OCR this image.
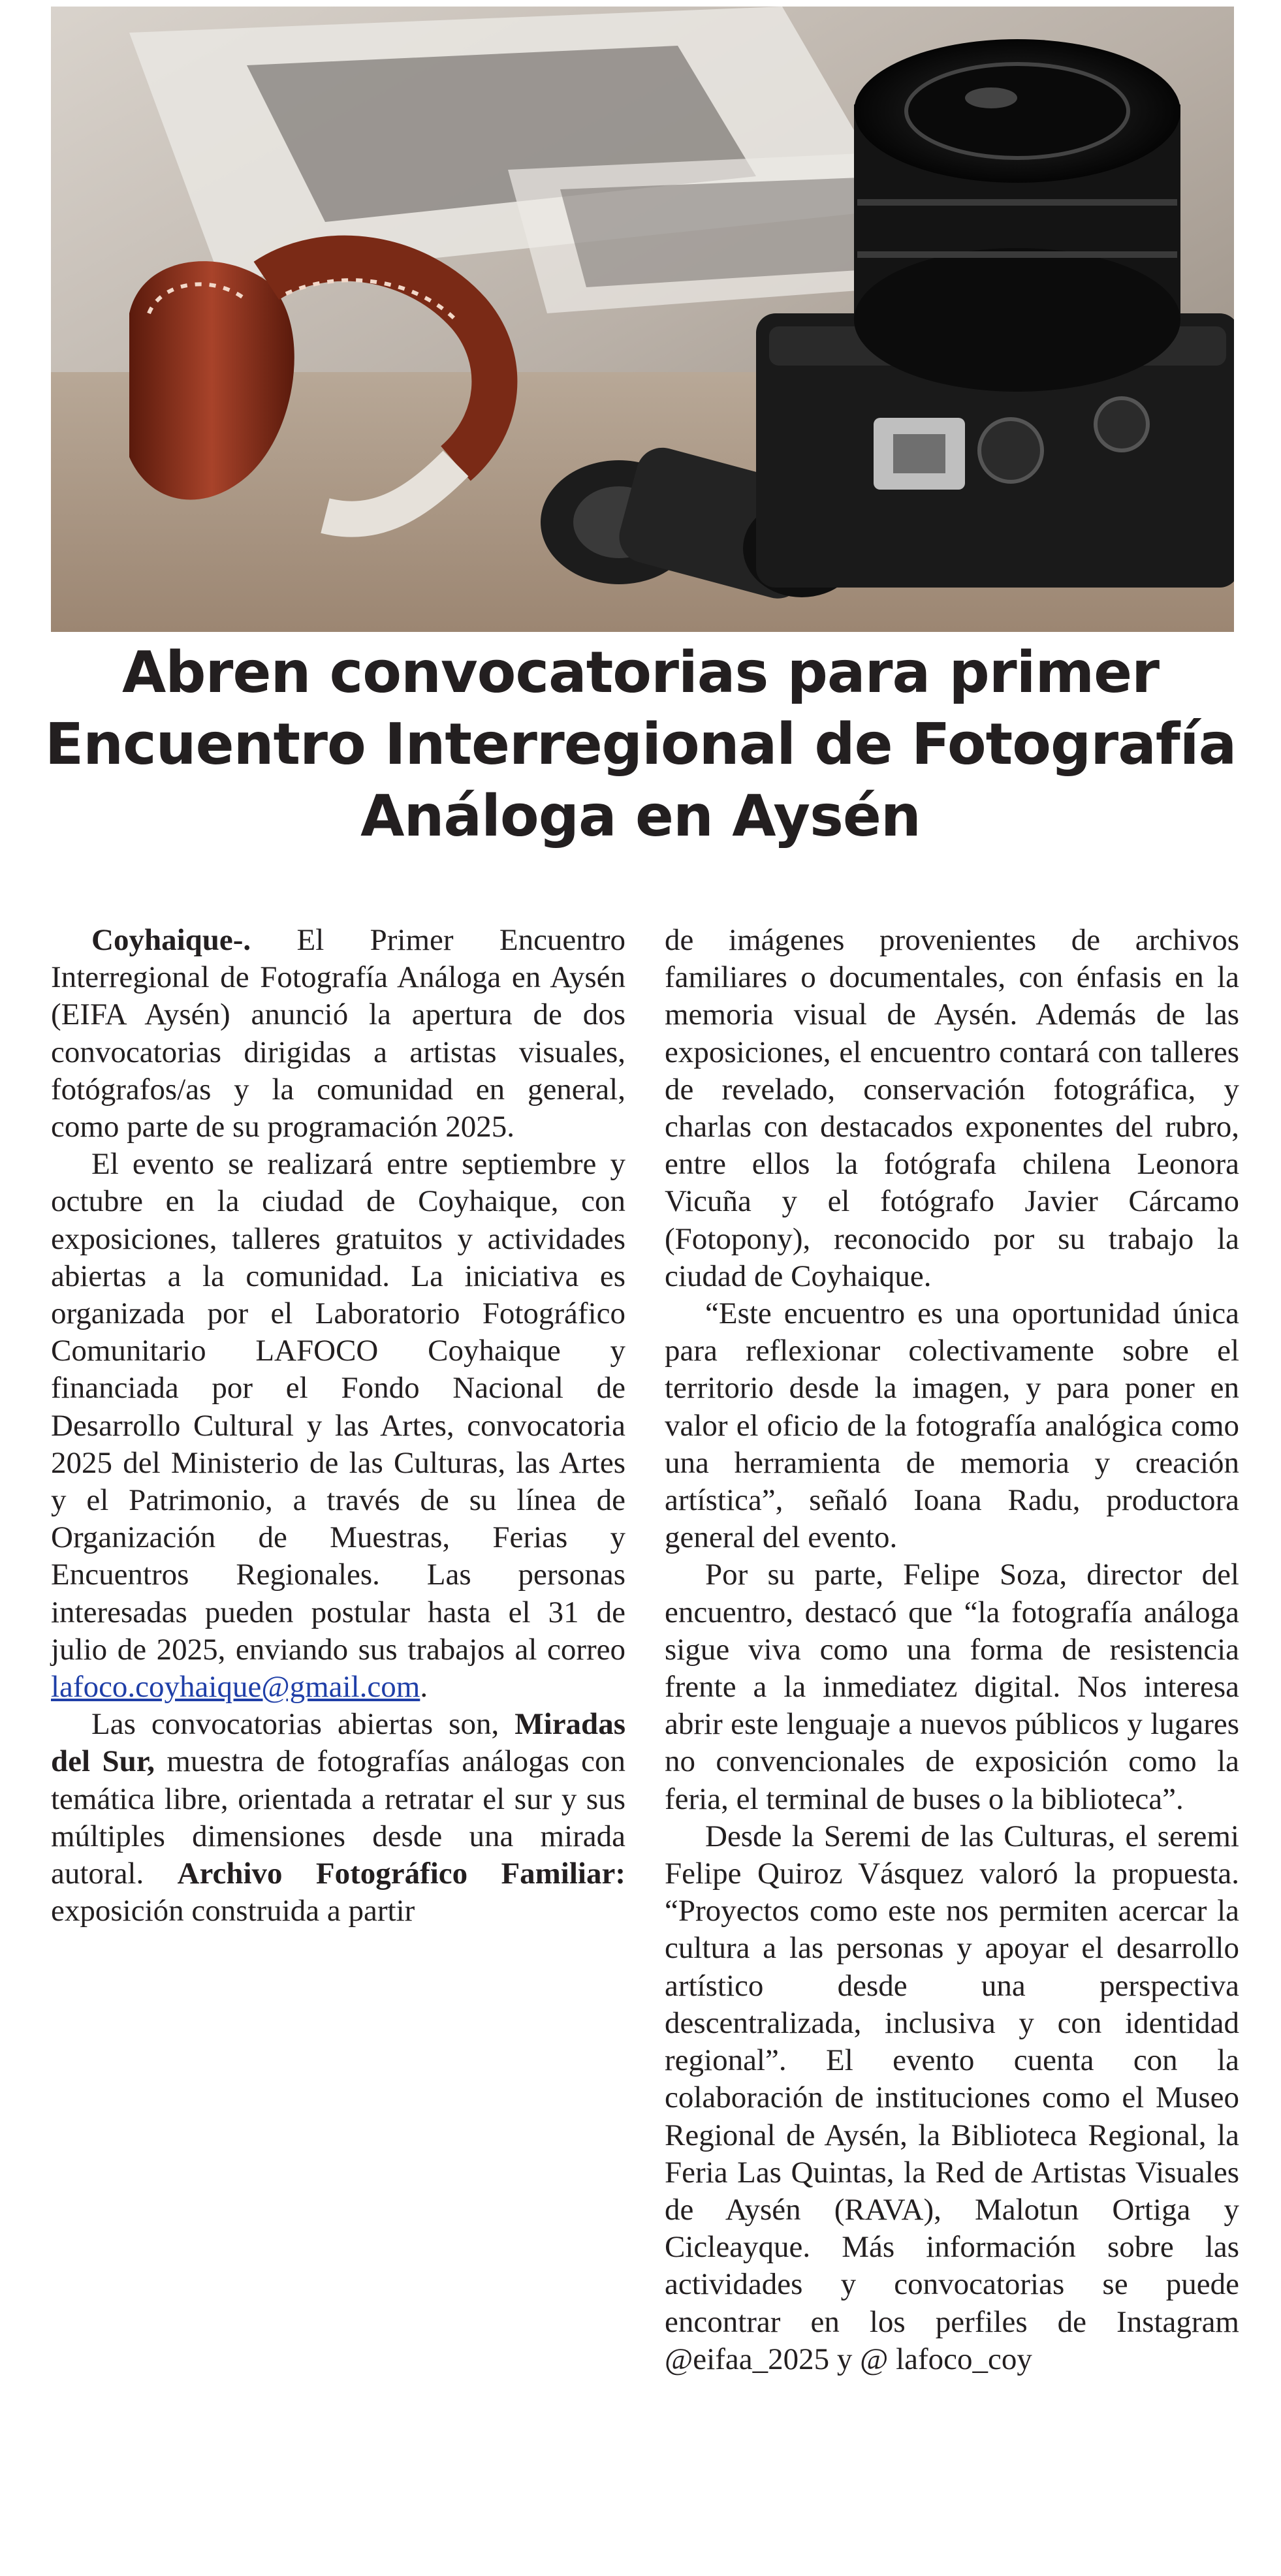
Abren convocatorias para primer Encuentro Interregional de Fotografía Análoga en Aysén

Coyhaique-. El Primer Encuentro Interregional de Fotografía Análoga en Aysén (EIFA Aysén) anunció la apertura de dos convocatorias dirigidas a artistas visuales, fotógrafos/as y la comunidad en general, como parte de su programación 2025.

El evento se realizará entre septiembre y octubre en la ciudad de Coyhaique, con exposiciones, talleres gratuitos y actividades abiertas a la comunidad. La iniciativa es organizada por el Laboratorio Fotográfico Comunitario LAFOCO Coyhaique y financiada por el Fondo Nacional de Desarrollo Cultural y las Artes, convocatoria 2025 del Ministerio de las Culturas, las Artes y el Patrimonio, a través de su línea de Organización de Muestras, Ferias y Encuentros Regionales. Las personas interesadas pueden postular hasta el 31 de julio de 2025, enviando sus trabajos al correo lafoco.coyhaique@gmail.com.

Las convocatorias abiertas son, Miradas del Sur, muestra de fotografías análogas con temática libre, orientada a retratar el sur y sus múltiples dimensiones desde una mirada autoral. Archivo Fotográfico Familiar: exposición construida a partir

de imágenes provenientes de archivos familiares o documentales, con énfasis en la memoria visual de Aysén. Además de las exposiciones, el encuentro contará con talleres de revelado, conservación fotográfica, y charlas con destacados exponentes del rubro, entre ellos la fotógrafa chilena Leonora Vicuña y el fotógrafo Javier Cárcamo (Fotopony), reconocido por su trabajo la ciudad de Coyhaique.

“Este encuentro es una oportunidad única para reflexionar colectivamente sobre el territorio desde la imagen, y para poner en valor el oficio de la fotografía analógica como una herramienta de memoria y creación artística”, señaló Ioana Radu, productora general del evento.

Por su parte, Felipe Soza, director del encuentro, destacó que “la fotografía análoga sigue viva como una forma de resistencia frente a la inmediatez digital. Nos interesa abrir este lenguaje a nuevos públicos y lugares no convencionales de exposición como la feria, el terminal de buses o la biblioteca”.

Desde la Seremi de las Culturas, el seremi Felipe Quiroz Vásquez valoró la propuesta. “Proyectos como este nos permiten acercar la cultura a las personas y apoyar el desarrollo artístico desde una perspectiva descentralizada, inclusiva y con identidad regional”. El evento cuenta con la colaboración de instituciones como el Museo Regional de Aysén, la Biblioteca Regional, la Feria Las Quintas, la Red de Artistas Visuales de Aysén (RAVA), Malotun Ortiga y Cicleayque. Más información sobre las actividades y convocatorias se puede encontrar en los perfiles de Instagram @eifaa_2025 y @ lafoco_coy
